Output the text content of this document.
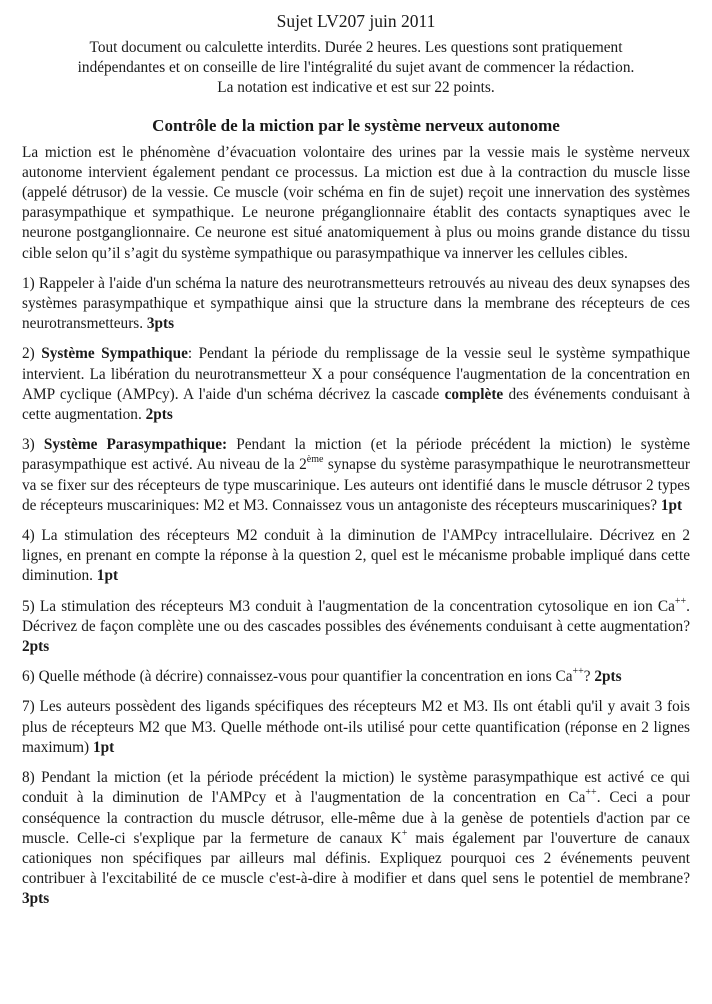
Sujet LV207 juin 2011
Tout document ou calculette interdits. Durée 2 heures. Les questions sont pratiquement
indépendantes et on conseille de lire l'intégralité du sujet avant de commencer la rédaction.
La notation est indicative et est sur 22 points.
Contrôle de la miction par le système nerveux autonome

La miction est le phénomène d’évacuation volontaire des urines par la vessie mais le système nerveux autonome intervient également pendant ce processus. La miction est due à la contraction du muscle lisse (appelé détrusor) de la vessie. Ce muscle (voir schéma en fin de sujet) reçoit une innervation des systèmes parasympathique et sympathique. Le neurone préganglionnaire établit des contacts synaptiques avec le neurone postganglionnaire. Ce neurone est situé anatomiquement à plus ou moins grande distance du tissu cible selon qu’il s’agit du système sympathique ou parasympathique va innerver les cellules cibles.

1) Rappeler à l'aide d'un schéma la nature des neurotransmetteurs retrouvés au niveau des deux synapses des systèmes parasympathique et sympathique ainsi que la structure dans la membrane des récepteurs de ces neurotransmetteurs. 3pts

2) Système Sympathique: Pendant la période du remplissage de la vessie seul le système sympathique intervient. La libération du neurotransmetteur X a pour conséquence l'augmentation de la concentration en AMP cyclique (AMPcy). A l'aide d'un schéma décrivez la cascade complète des événements conduisant à cette augmentation. 2pts

3) Système Parasympathique: Pendant la miction (et la période précédent la miction) le système parasympathique est activé. Au niveau de la 2ème synapse du système parasympathique le neurotransmetteur va se fixer sur des récepteurs de type muscarinique. Les auteurs ont identifié dans le muscle détrusor 2 types de récepteurs muscariniques: M2 et M3. Connaissez vous un antagoniste des récepteurs muscariniques? 1pt

4) La stimulation des récepteurs M2 conduit à la diminution de l'AMPcy intracellulaire. Décrivez en 2 lignes, en prenant en compte la réponse à la question 2, quel est le mécanisme probable impliqué dans cette diminution. 1pt

5) La stimulation des récepteurs M3 conduit à l'augmentation de la concentration cytosolique en ion Ca++. Décrivez de façon complète une ou des cascades possibles des événements conduisant à cette augmentation? 2pts

6) Quelle méthode (à décrire) connaissez-vous pour quantifier la concentration en ions Ca++? 2pts

7) Les auteurs possèdent des ligands spécifiques des récepteurs M2 et M3. Ils ont établi qu'il y avait 3 fois plus de récepteurs M2 que M3. Quelle méthode ont-ils utilisé pour cette quantification (réponse en 2 lignes maximum) 1pt

8) Pendant la miction (et la période précédent la miction) le système parasympathique est activé ce qui conduit à la diminution de l'AMPcy et à l'augmentation de la concentration en Ca++. Ceci a pour conséquence la contraction du muscle détrusor, elle-même due à la genèse de potentiels d'action par ce muscle. Celle-ci s'explique par la fermeture de canaux K+ mais également par l'ouverture de canaux cationiques non spécifiques par ailleurs mal définis. Expliquez pourquoi ces 2 événements peuvent contribuer à l'excitabilité de ce muscle c'est-à-dire à modifier et dans quel sens le potentiel de membrane? 3pts
